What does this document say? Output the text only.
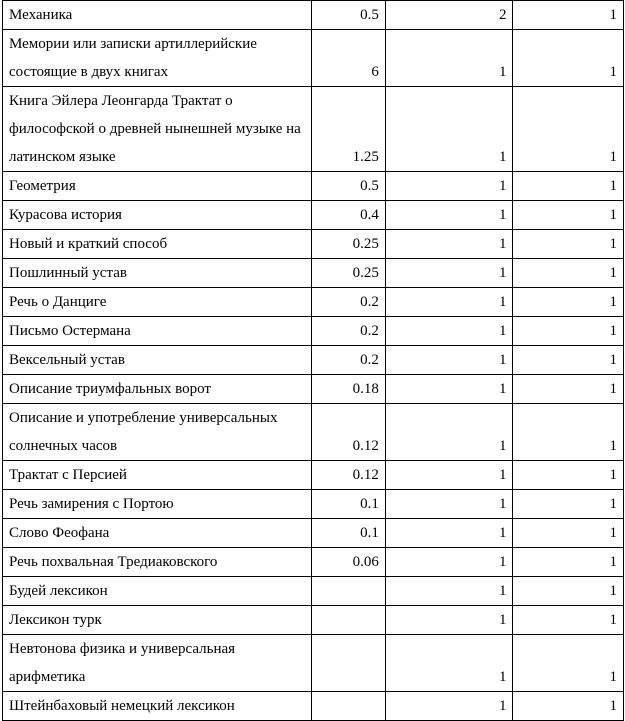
Механика	0.5	2	1

Мемории или записки артиллерийские состоящие в двух книгах	6	1	1

Книга Эйлера Леонгарда Трактат о философской о древней нынешней музыке на латинском языке	1.25	1	1

Геометрия	0.5	1	1

Курасова история	0.4	1	1

Новый и краткий способ	0.25	1	1

Пошлинный устав	0.25	1	1

Речь о Данциге	0.2	1	1

Письмо Остермана	0.2	1	1

Вексельный устав	0.2	1	1

Описание триумфальных ворот	0.18	1	1

Описание и употребление универсальных солнечных часов	0.12	1	1

Трактат с Персией	0.12	1	1

Речь замирения с Портою	0.1	1	1

Слово Феофана	0.1	1	1

Речь похвальная Тредиаковского	0.06	1	1

Будей лексикон		1	1

Лексикон турк		1	1

Невтонова физика и универсальная арифметика		1	1

Штейнбаховый немецкий лексикон		1	1
